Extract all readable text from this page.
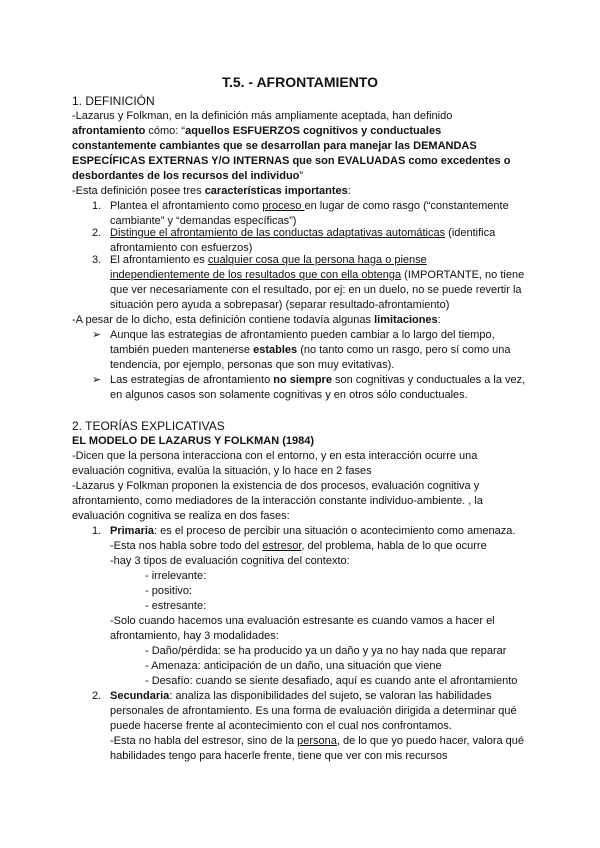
T.5. - AFRONTAMIENTO
1. DEFINICIÓN
-Lazarus y Folkman, en la definición más ampliamente aceptada, han definido
afrontamiento cómo: “aquellos ESFUERZOS cognitivos y conductuales
constantemente cambiantes que se desarrollan para manejar las DEMANDAS
ESPECÍFICAS EXTERNAS Y/O INTERNAS que son EVALUADAS como excedentes o
desbordantes de los recursos del individuo”
-Esta definición posee tres características importantes:
1. Plantea el afrontamiento como proceso en lugar de como rasgo (“constantemente
cambiante” y “demandas específicas”)
2. Distingue el afrontamiento de las conductas adaptativas automáticas (identifica
afrontamiento con esfuerzos)
3. El afrontamiento es cualquier cosa que la persona haga o piense
independientemente de los resultados que con ella obtenga (IMPORTANTE, no tiene
que ver necesariamente con el resultado, por ej: en un duelo, no se puede revertir la
situación pero ayuda a sobrepasar) (separar resultado-afrontamiento)
-A pesar de lo dicho, esta definición contiene todavía algunas limitaciones:
➢ Aunque las estrategias de afrontamiento pueden cambiar a lo largo del tiempo,
también pueden mantenerse estables (no tanto como un rasgo, pero sí como una
tendencia, por ejemplo, personas que son muy evitativas).
➢ Las estrategias de afrontamiento no siempre son cognitivas y conductuales a la vez,
en algunos casos son solamente cognitivas y en otros sólo conductuales.
2. TEORÍAS EXPLICATIVAS
EL MODELO DE LAZARUS Y FOLKMAN (1984)
-Dicen que la persona interacciona con el entorno, y en esta interacción ocurre una
evaluación cognitiva, evalúa la situación, y lo hace en 2 fases
-Lazarus y Folkman proponen la existencia de dos procesos, evaluación cognitiva y
afrontamiento, como mediadores de la interacción constante individuo-ambiente. , la
evaluación cognitiva se realiza en dos fases:
1. Primaria: es el proceso de percibir una situación o acontecimiento como amenaza.
-Esta nos habla sobre todo del estresor, del problema, habla de lo que ocurre
-hay 3 tipos de evaluación cognitiva del contexto:
- irrelevante:
- positivo:
- estresante:
-Solo cuando hacemos una evaluación estresante es cuando vamos a hacer el
afrontamiento, hay 3 modalidades:
- Daño/pérdida: se ha producido ya un daño y ya no hay nada que reparar
- Amenaza: anticipación de un daño, una situación que viene
- Desafío: cuando se siente desafiado, aquí es cuando ante el afrontamiento
2. Secundaria: analiza las disponibilidades del sujeto, se valoran las habilidades
personales de afrontamiento. Es una forma de evaluación dirigida a determinar qué
puede hacerse frente al acontecimiento con el cual nos confrontamos.
-Esta no habla del estresor, sino de la persona, de lo que yo puedo hacer, valora qué
habilidades tengo para hacerle frente, tiene que ver con mis recursos
